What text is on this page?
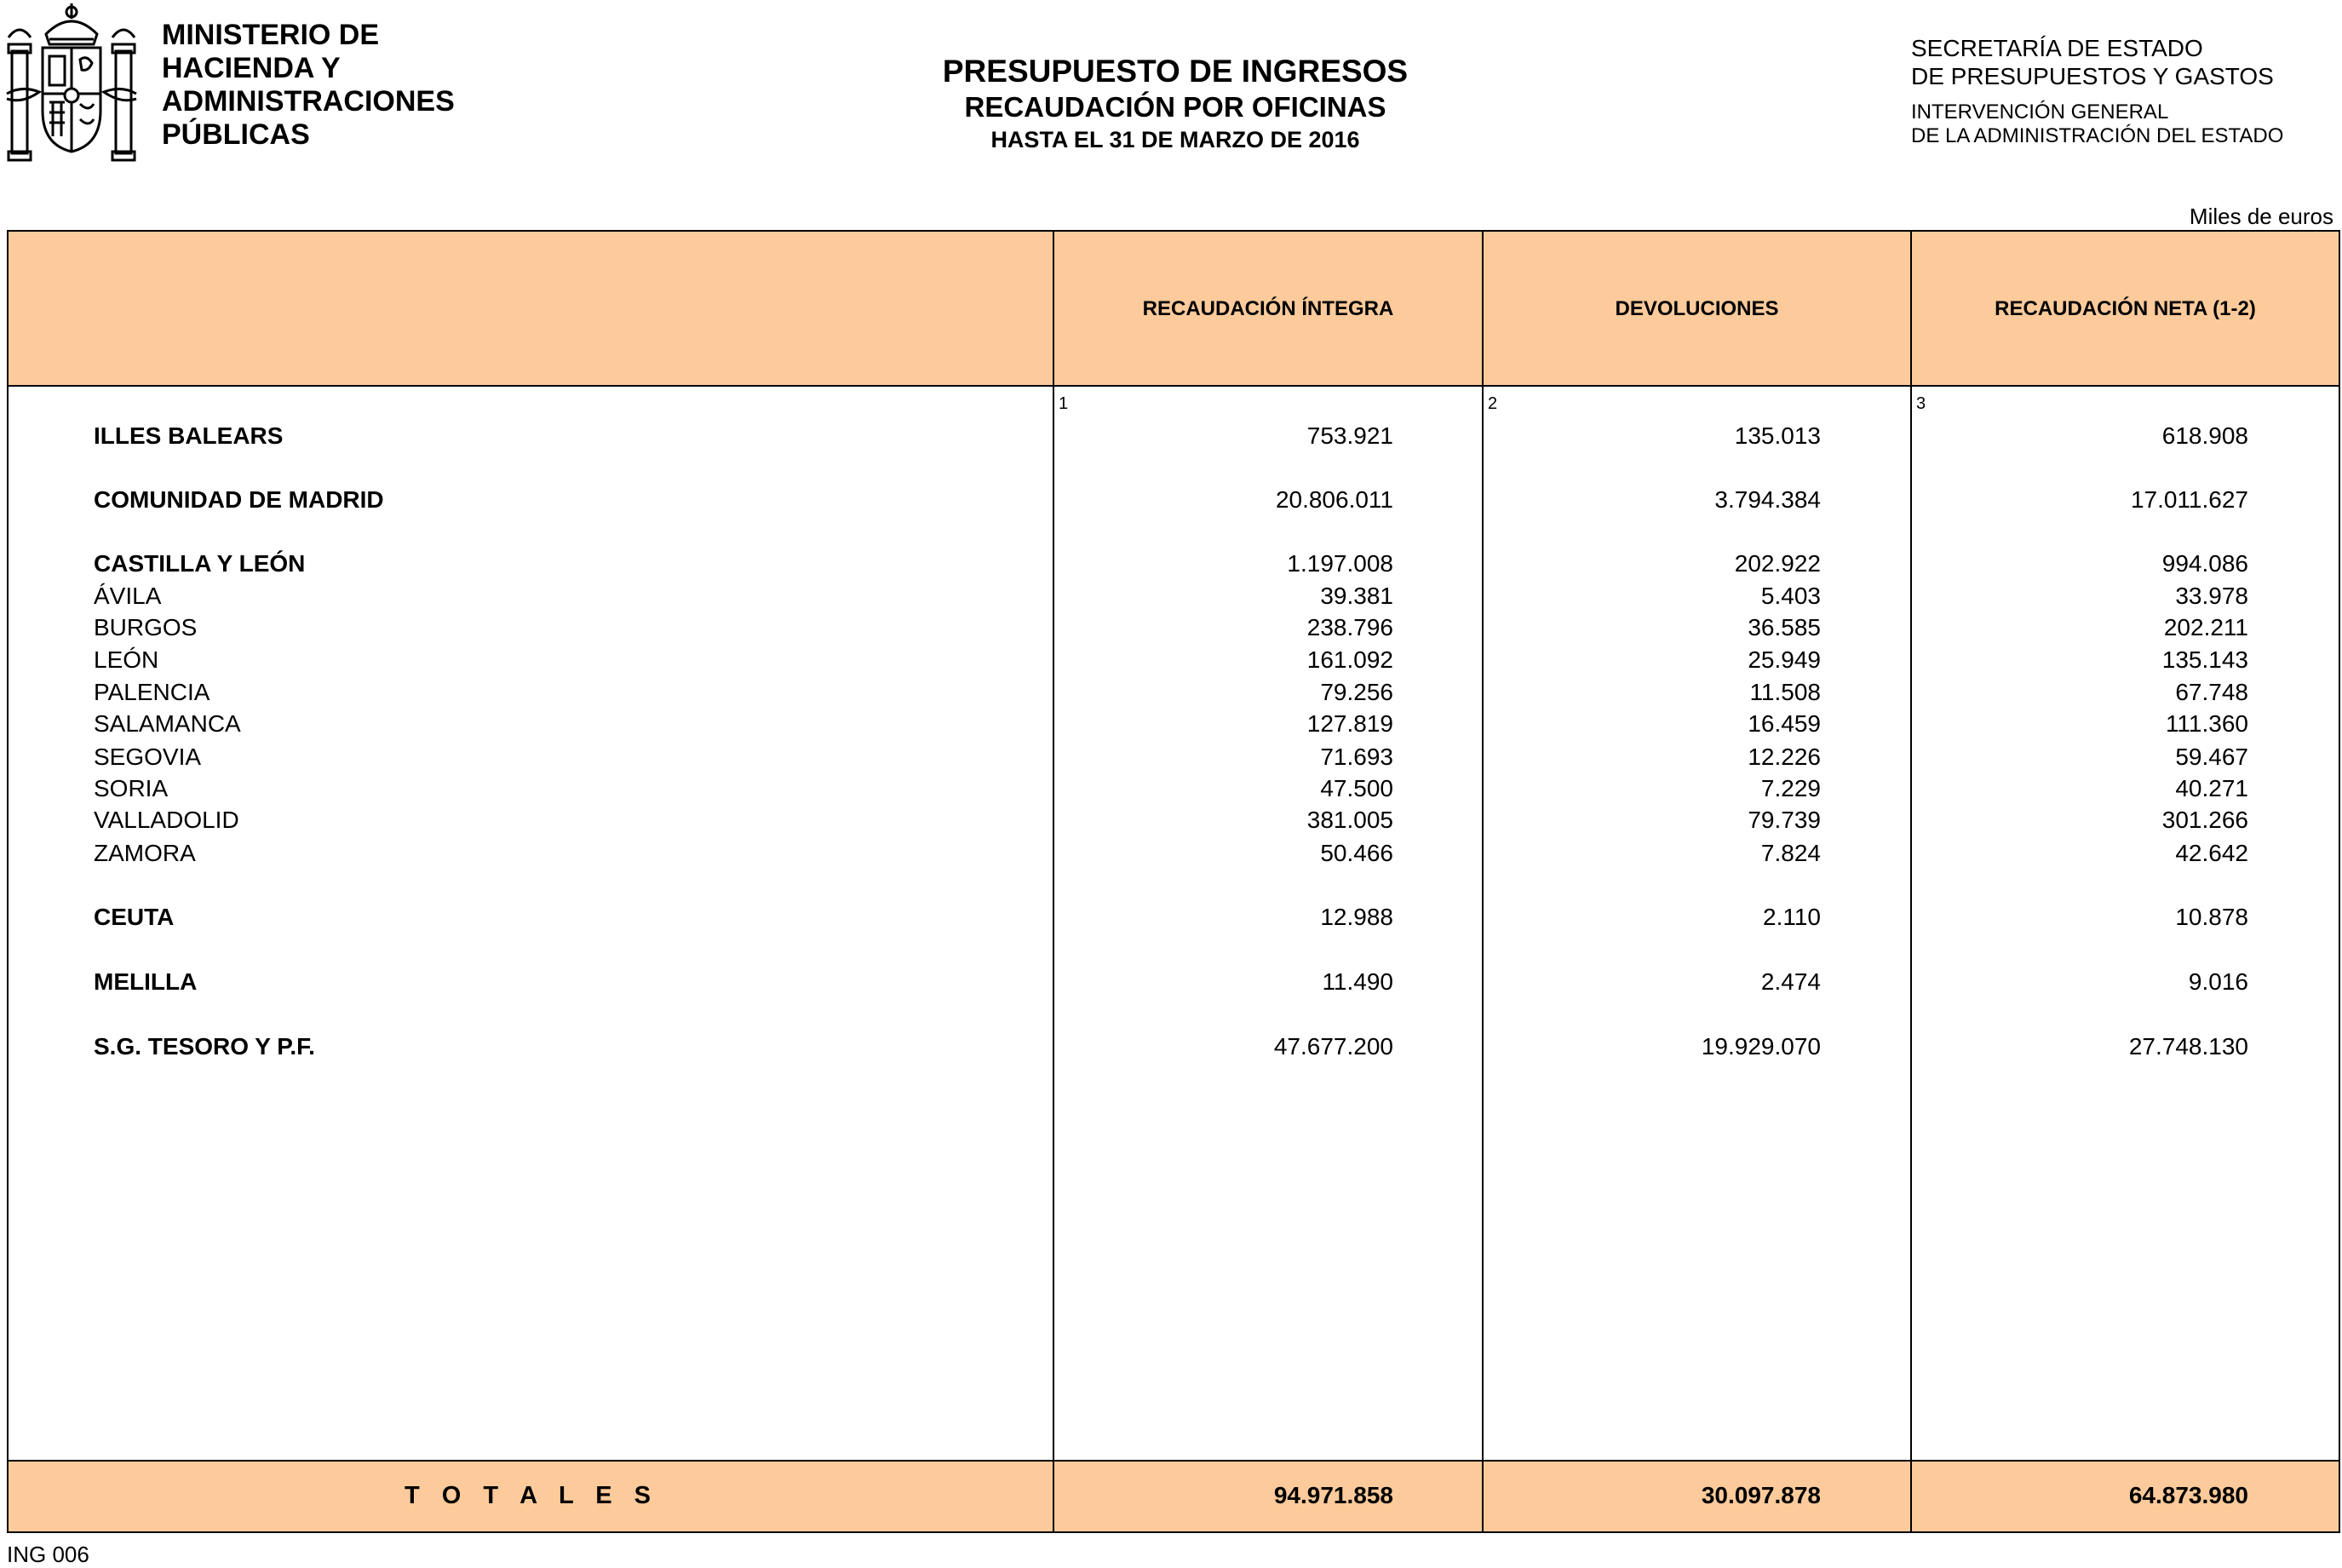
MINISTERIO DE
HACIENDA Y
ADMINISTRACIONES
PÚBLICAS
PRESUPUESTO DE INGRESOS
RECAUDACIÓN POR OFICINAS
HASTA EL 31 DE MARZO DE 2016
SECRETARÍA DE ESTADO
DE PRESUPUESTOS Y GASTOS
INTERVENCIÓN GENERAL
DE LA ADMINISTRACIÓN DEL ESTADO
Miles de euros
RECAUDACIÓN ÍNTEGRA	DEVOLUCIONES	RECAUDACIÓN NETA (1-2)
1	2	3
ILLES BALEARS	753.921	135.013	618.908
COMUNIDAD DE MADRID	20.806.011	3.794.384	17.011.627
CASTILLA Y LEÓN	1.197.008	202.922	994.086
ÁVILA	39.381	5.403	33.978
BURGOS	238.796	36.585	202.211
LEÓN	161.092	25.949	135.143
PALENCIA	79.256	11.508	67.748
SALAMANCA	127.819	16.459	111.360
SEGOVIA	71.693	12.226	59.467
SORIA	47.500	7.229	40.271
VALLADOLID	381.005	79.739	301.266
ZAMORA	50.466	7.824	42.642
CEUTA	12.988	2.110	10.878
MELILLA	11.490	2.474	9.016
S.G. TESORO Y P.F.	47.677.200	19.929.070	27.748.130
T O T A L E S	94.971.858	30.097.878	64.873.980
ING 006
